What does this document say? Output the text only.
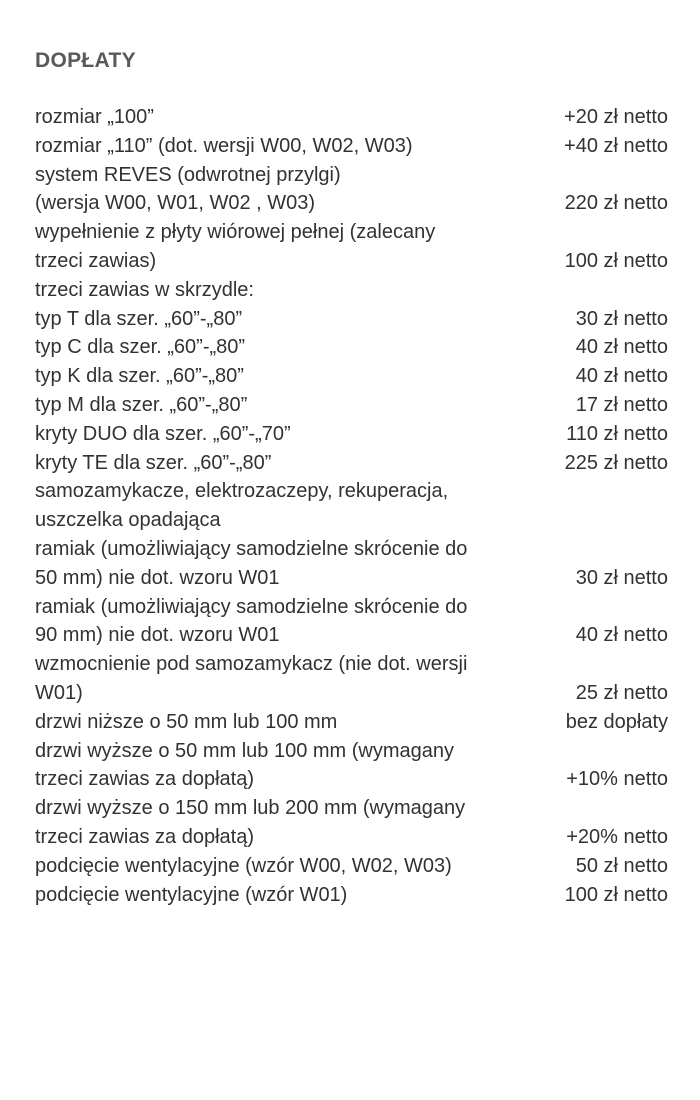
DOPŁATY
rozmiar „100”	+20 zł netto
rozmiar „110” (dot. wersji W00, W02, W03)	+40 zł netto
system REVES (odwrotnej przylgi)
(wersja W00, W01, W02 , W03)	220 zł netto
wypełnienie z płyty wiórowej pełnej (zalecany
trzeci zawias)	100 zł netto
trzeci zawias w skrzydle:
typ T dla szer. „60”-„80”	30 zł netto
typ C dla szer. „60”-„80”	40 zł netto
typ K dla szer. „60”-„80”	40 zł netto
typ M dla szer. „60”-„80”	17 zł netto
kryty DUO dla szer. „60”-„70”	110 zł netto
kryty TE dla szer. „60”-„80”	225 zł netto
samozamykacze, elektrozaczepy, rekuperacja,
uszczelka opadająca
ramiak (umożliwiający samodzielne skrócenie do
50 mm) nie dot. wzoru W01	30 zł netto
ramiak (umożliwiający samodzielne skrócenie do
90 mm) nie dot. wzoru W01	40 zł netto
wzmocnienie pod samozamykacz (nie dot. wersji
W01)	25 zł netto
drzwi niższe o 50 mm lub 100 mm	bez dopłaty
drzwi wyższe o 50 mm lub 100 mm (wymagany
trzeci zawias za dopłatą)	+10% netto
drzwi wyższe o 150 mm lub 200 mm (wymagany
trzeci zawias za dopłatą)	+20% netto
podcięcie wentylacyjne (wzór W00, W02, W03)	50 zł netto
podcięcie wentylacyjne (wzór W01)	100 zł netto
